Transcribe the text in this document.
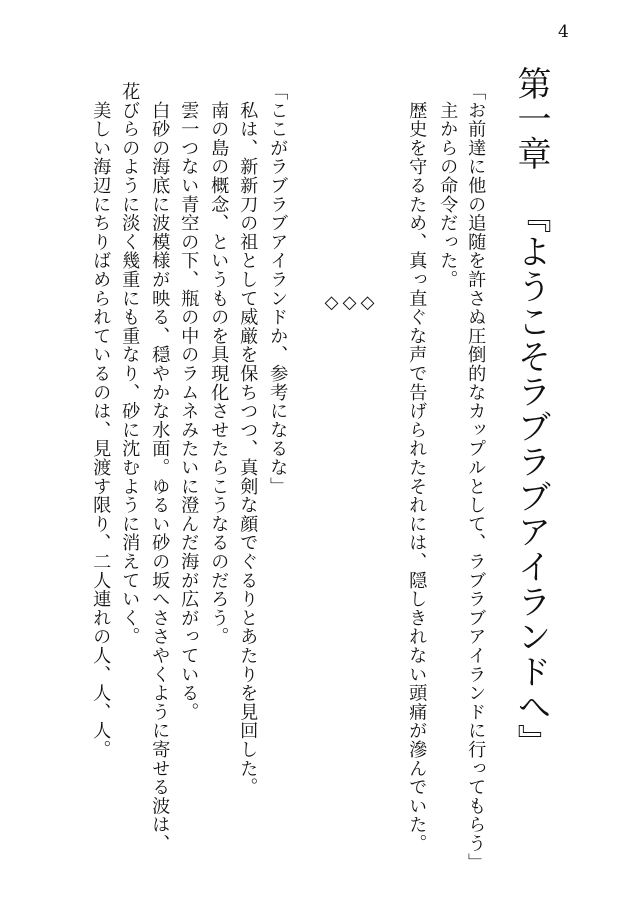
4
第一章『ようこそラブラブアイランドへ』
「お前達に他の追随を許さぬ圧倒的なカップルとして、ラブラブアイランドに行ってもらう」
　主からの命令だった。
　歴史を守るため、真っ直ぐな声で告げられたそれには、隠しきれない頭痛が滲んでいた。
◇
◇
◇
「ここがラブラブアイランドか、参考になるな」
　私は、新新刀の祖として威厳を保ちつつ、真剣な顔でぐるりとあたりを見回した。
　南の島の概念、というものを具現化させたらこうなるのだろう。
　雲一つない青空の下、瓶の中のラムネみたいに澄んだ海が広がっている。
　白砂の海底に波模様が映る、穏やかな水面。ゆるい砂の坂へささやくように寄せる波は、
花びらのように淡く幾重にも重なり、砂に沈むように消えていく。
　美しい海辺にちりばめられているのは、見渡す限り、二人連れの人、人、人。
